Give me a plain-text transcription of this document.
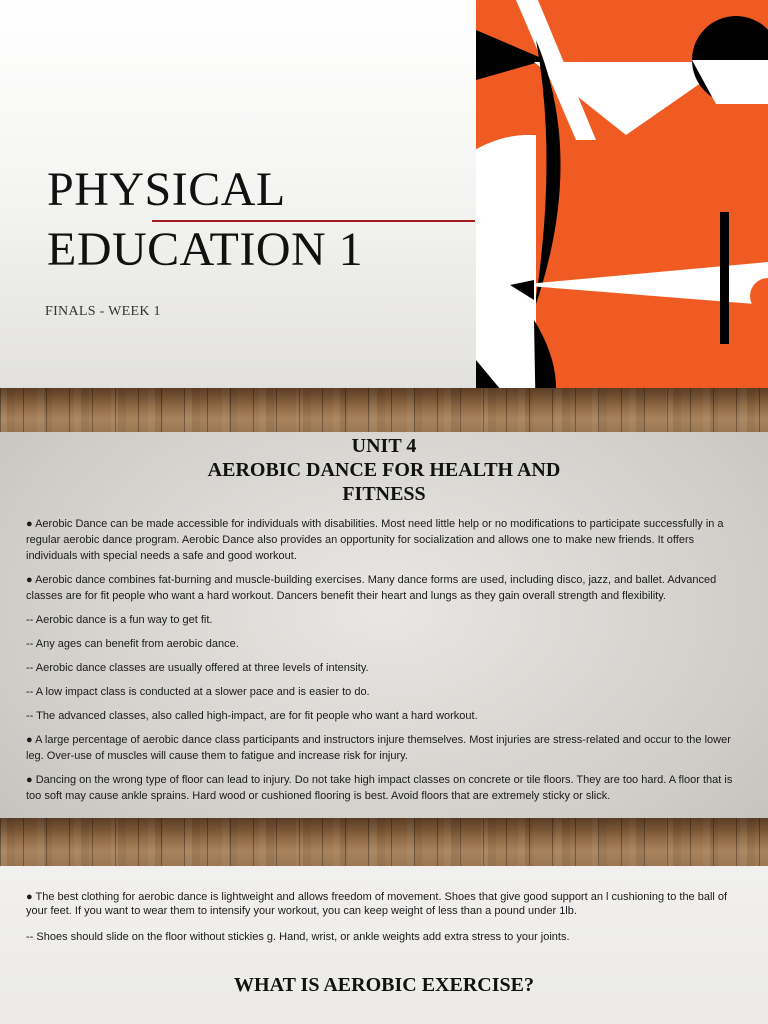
PHYSICAL
EDUCATION 1
FINALS - WEEK 1
UNIT 4
AEROBIC DANCE FOR HEALTH AND FITNESS

● Aerobic Dance can be made accessible for individuals with disabilities. Most need little help or no modifications to participate successfully in a regular aerobic dance program. Aerobic Dance also provides an opportunity for socialization and allows one to make new friends. It offers individuals with special needs a safe and good workout.

● Aerobic dance combines fat-burning and muscle-building exercises. Many dance forms are used, including disco, jazz, and ballet. Advanced classes are for fit people who want a hard workout. Dancers benefit their heart and lungs as they gain overall strength and flexibility.

-- Aerobic dance is a fun way to get fit.

-- Any ages can benefit from aerobic dance.

-- Aerobic dance classes are usually offered at three levels of intensity.

-- A low impact class is conducted at a slower pace and is easier to do.

-- The advanced classes, also called high-impact, are for fit people who want a hard workout.

● A large percentage of aerobic dance class participants and instructors injure themselves. Most injuries are stress-related and occur to the lower leg. Over-use of muscles will cause them to fatigue and increase risk for injury.

● Dancing on the wrong type of floor can lead to injury. Do not take high impact classes on concrete or tile floors. They are too hard. A floor that is too soft may cause ankle sprains. Hard wood or cushioned flooring is best. Avoid floors that are extremely sticky or slick.

● The best clothing for aerobic dance is lightweight and allows freedom of movement. Shoes that give good support an l cushioning to the ball of your feet. If you want to wear them to intensify your workout, you can keep weight of less than a pound under 1lb.

-- Shoes should slide on the floor without stickies g. Hand, wrist, or ankle weights add extra stress to your joints.

WHAT IS AEROBIC EXERCISE?
